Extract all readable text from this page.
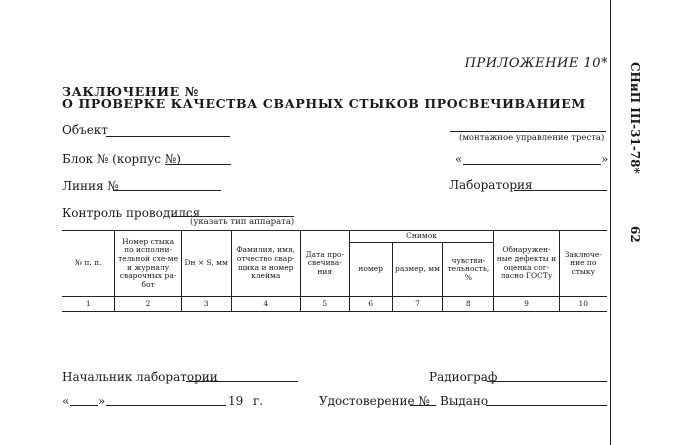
СНиП III-31-78*
62
ПРИЛОЖЕНИЕ 10*
ЗАКЛЮЧЕНИЕ №
О ПРОВЕРКЕ КАЧЕСТВА СВАРНЫХ СТЫКОВ ПРОСВЕЧИВАНИЕМ
Объект
(монтажное управление треста)
Блок № (корпус №)	«	»
Линия №	Лаборатория
Контроль проводился
(указать тип аппарата)
№ п. п.	Номер стыка по исполни-тельной схе-ме и журналу сварочных ра-бот	Dн × S, мм	Фамилия, имя, отчество свар-щика и номер клейма	Дата про-свечива-ния	Снимок			Обнаружен-ные дефекты и оценка сог-ласно ГОСТу	Заключе-ние по стыку
					номер	размер, мм	чувстви-тельность, %		
1	2	3	4	5	6	7	8	9	10
Начальник лаборатории	Радиограф
« »	19 г.	Удостоверение № Выдано
